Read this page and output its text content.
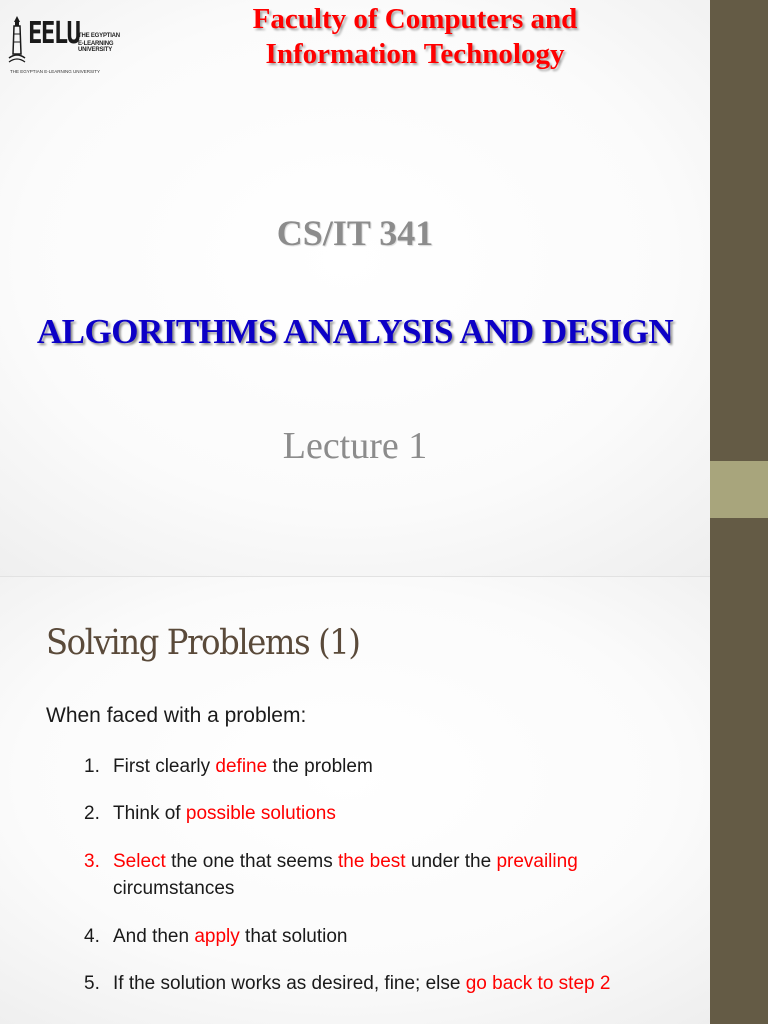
EELU
THE EGYPTIAN
E-LEARNING UNIVERSITY
THE EGYPTIAN E-LEARNING UNIVERSITY
Faculty of Computers and
Information Technology
CS/IT 341
ALGORITHMS ANALYSIS AND DESIGN
Lecture 1
Solving Problems (1)
When faced with a problem:
1. First clearly define the problem
2. Think of possible solutions
3. Select the one that seems the best under the prevailing
circumstances
4. And then apply that solution
5. If the solution works as desired, fine; else go back to step 2
